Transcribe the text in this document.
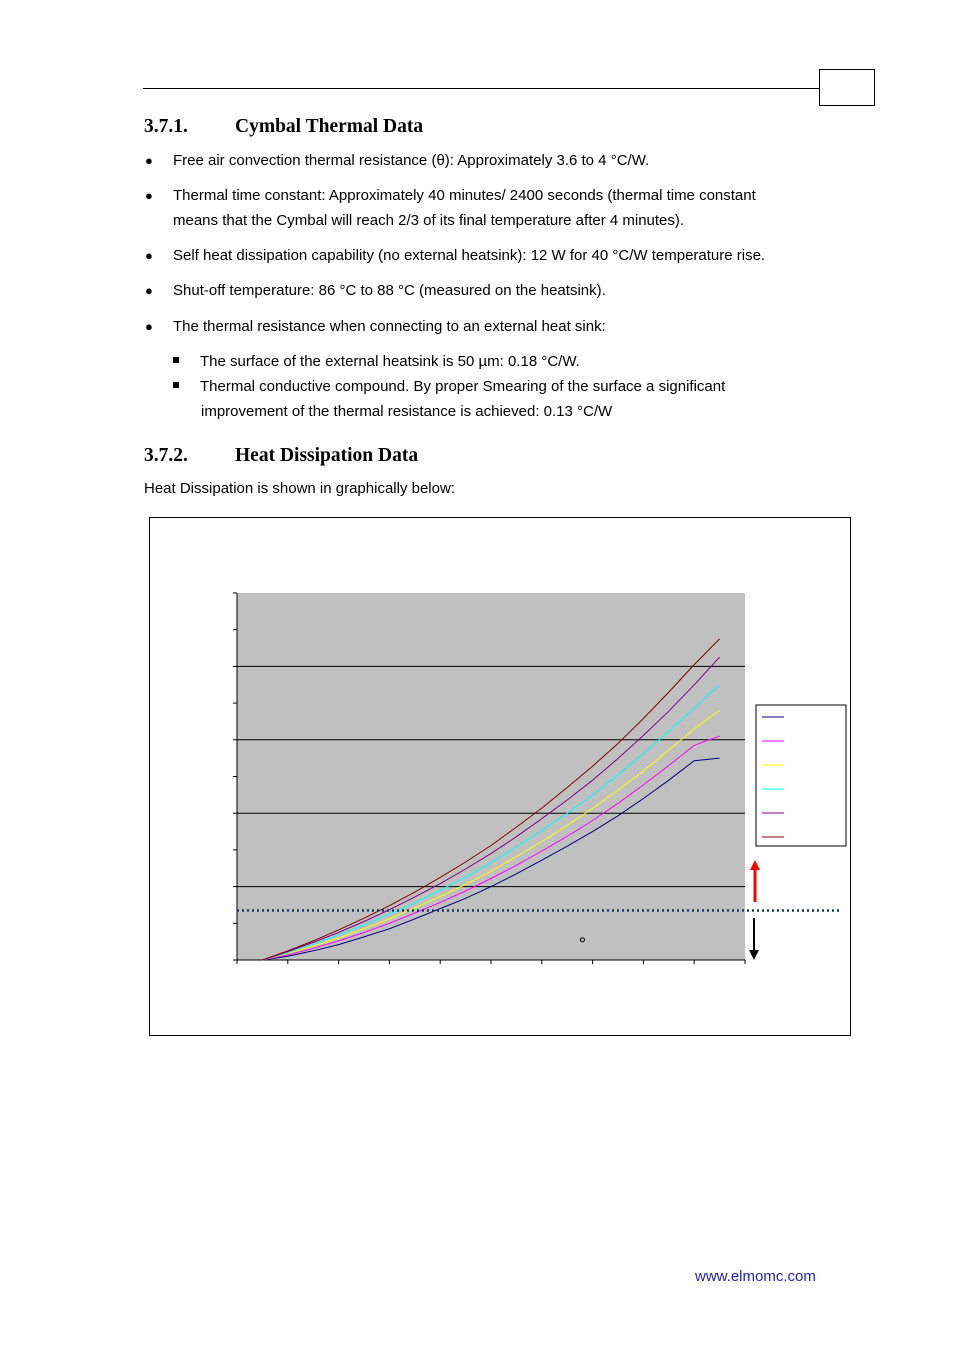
3.7.1. Cymbal Thermal Data
● Free air convection thermal resistance (θ): Approximately 3.6 to 4 °C/W.
● Thermal time constant: Approximately 40 minutes/ 2400 seconds (thermal time constant
means that the Cymbal will reach 2/3 of its final temperature after 4 minutes).
● Self heat dissipation capability (no external heatsink): 12 W for 40 °C/W temperature rise.
● Shut-off temperature: 86 °C to 88 °C (measured on the heatsink).
● The thermal resistance when connecting to an external heat sink:
The surface of the external heatsink is 50 µm: 0.18 °C/W.
Thermal conductive compound. By proper Smearing of the surface a significant
improvement of the thermal resistance is achieved: 0.13 °C/W
3.7.2. Heat Dissipation Data
Heat Dissipation is shown in graphically below:
www.elmomc.com
